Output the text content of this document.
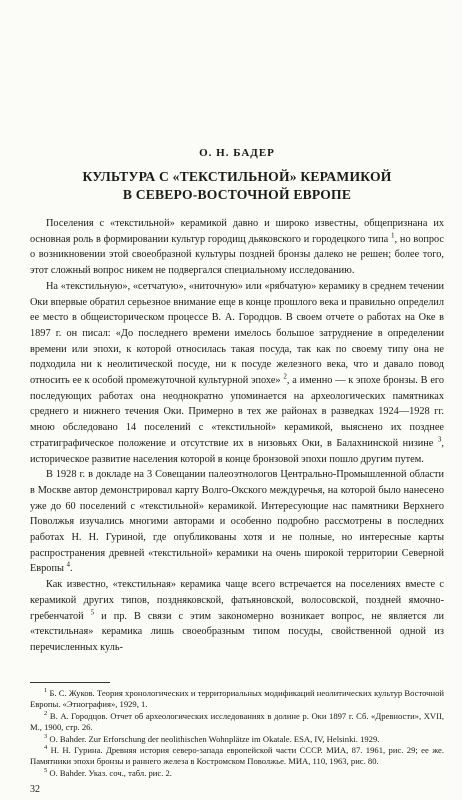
О. Н. БАДЕР
КУЛЬТУРА С «ТЕКСТИЛЬНОЙ» КЕРАМИКОЙ
В СЕВЕРО-ВОСТОЧНОЙ ЕВРОПЕ

Поселения с «текстильной» керамикой давно и широко известны, общепризнана их основная роль в формировании культур городищ дьяковского и городецкого типа $^1$, но вопрос о возникновении этой своеобразной культуры поздней бронзы далеко не решен; более того, этот сложный вопрос никем не подвергался специальному исследованию.

На «текстильную», «сетчатую», «ниточную» или «рябчатую» керамику в среднем течении Оки впервые обратил серьезное внимание еще в конце прошлого века и правильно определил ее место в общеисторическом процессе В. А. Городцов. В своем отчете о работах на Оке в 1897 г. он писал: «До последнего времени имелось большое затруднение в определении времени или эпохи, к которой относилась такая посуда, так как по своему типу она не подходила ни к неолитической посуде, ни к посуде железного века, что и давало повод относить ее к особой промежуточной культурной эпохе» $^2$, а именно — к эпохе бронзы. В его последующих работах она неоднократно упоминается на археологических памятниках среднего и нижнего течения Оки. Примерно в тех же районах в разведках 1924—1928 гг. мною обследовано 14 поселений с «текстильной» керамикой, выяснено их позднее стратиграфическое положение и отсутствие их в низовьях Оки, в Балахнинской низине $^3$, историческое развитие населения которой в конце бронзовой эпохи пошло другим путем.

В 1928 г. в докладе на 3 Совещании палеоэтнологов Центрально-Промышленной области в Москве автор демонстрировал карту Волго-Окского междуречья, на которой было нанесено уже до 60 поселений с «текстильной» керамикой. Интересующие нас памятники Верхнего Поволжья изучались многими авторами и особенно подробно рассмотрены в последних работах Н. Н. Гуриной, где опубликованы хотя и не полные, но интересные карты распространения древней «текстильной» керамики на очень широкой территории Северной Европы $^4$.

Как известно, «текстильная» керамика чаще всего встречается на поселениях вместе с керамикой других типов, поздняковской, фатьяновской, волосовской, поздней ямочно-гребенчатой $^5$ и пр. В связи с этим закономерно возникает вопрос, не является ли «текстильная» керамика лишь своеобразным типом посуды, свойственной одной из перечисленных куль-

$^1$ Б. С. Жуков. Теория хронологических и территориальных модификаций неолитических культур Восточной Европы. «Этнография», 1929, 1.

$^2$ В. А. Городцов. Отчет об археологических исследованиях в долине р. Оки 1897 г. Сб. «Древности», XVII, М., 1900, стр. 26.

$^3$ O. Bahder. Zur Erforschung der neolithischen Wohnplätze im Okatale. ESA, IV, Helsinki. 1929.

$^4$ Н. Н. Гурина. Древняя история северо-запада европейской части СССР. МИА, 87. 1961, рис. 29; ее же. Памятники эпохи бронзы и раннего железа в Костромском Поволжье. МИА, 110, 1963, рис. 80.

$^5$ O. Bahder. Указ. соч., табл. рис. 2.

32
